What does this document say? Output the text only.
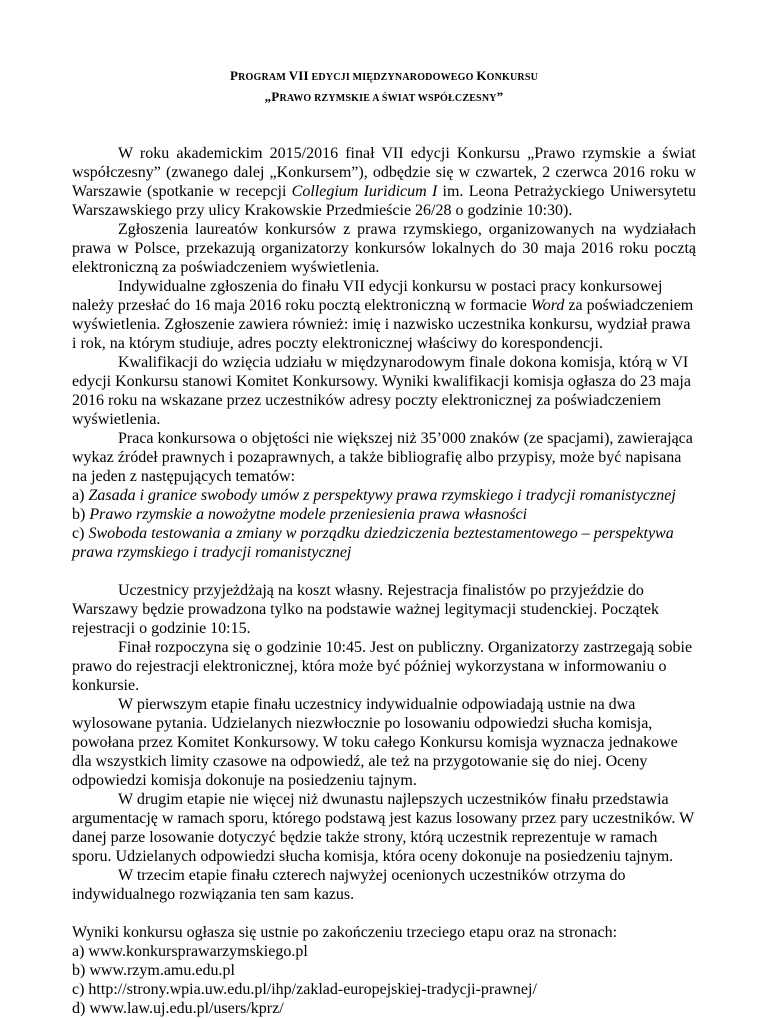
PROGRAM VII EDYCJI MIĘDZYNARODOWEGO KONKURSU
„PRAWO RZYMSKIE A ŚWIAT WSPÓŁCZESNY”

W roku akademickim 2015/2016 finał VII edycji Konkursu „Prawo rzymskie a świat współczesny” (zwanego dalej „Konkursem”), odbędzie się w czwartek, 2 czerwca 2016 roku w Warszawie (spotkanie w recepcji Collegium Iuridicum I im. Leona Petrażyckiego Uniwersytetu Warszawskiego przy ulicy Krakowskie Przedmieście 26/28 o godzinie 10:30).

Zgłoszenia laureatów konkursów z prawa rzymskiego, organizowanych na wydziałach prawa w Polsce, przekazują organizatorzy konkursów lokalnych do 30 maja 2016 roku pocztą elektroniczną za poświadczeniem wyświetlenia.

Indywidualne zgłoszenia do finału VII edycji konkursu w postaci pracy konkursowej należy przesłać do 16 maja 2016 roku pocztą elektroniczną w formacie Word za poświadczeniem wyświetlenia. Zgłoszenie zawiera również: imię i nazwisko uczestnika konkursu, wydział prawa i rok, na którym studiuje, adres poczty elektronicznej właściwy do korespondencji.

Kwalifikacji do wzięcia udziału w międzynarodowym finale dokona komisja, którą w VI edycji Konkursu stanowi Komitet Konkursowy. Wyniki kwalifikacji komisja ogłasza do 23 maja 2016 roku na wskazane przez uczestników adresy poczty elektronicznej za poświadczeniem wyświetlenia.

Praca konkursowa o objętości nie większej niż 35’000 znaków (ze spacjami), zawierająca wykaz źródeł prawnych i pozaprawnych, a także bibliografię albo przypisy, może być napisana na jeden z następujących tematów:

a) Zasada i granice swobody umów z perspektywy prawa rzymskiego i tradycji romanistycznej

b) Prawo rzymskie a nowożytne modele przeniesienia prawa własności

c) Swoboda testowania a zmiany w porządku dziedziczenia beztestamentowego – perspektywa prawa rzymskiego i tradycji romanistycznej

Uczestnicy przyjeżdżają na koszt własny. Rejestracja finalistów po przyjeździe do Warszawy będzie prowadzona tylko na podstawie ważnej legitymacji studenckiej. Początek rejestracji o godzinie 10:15.

Finał rozpoczyna się o godzinie 10:45. Jest on publiczny. Organizatorzy zastrzegają sobie prawo do rejestracji elektronicznej, która może być później wykorzystana w informowaniu o konkursie.

W pierwszym etapie finału uczestnicy indywidualnie odpowiadają ustnie na dwa wylosowane pytania. Udzielanych niezwłocznie po losowaniu odpowiedzi słucha komisja, powołana przez Komitet Konkursowy. W toku całego Konkursu komisja wyznacza jednakowe dla wszystkich limity czasowe na odpowiedź, ale też na przygotowanie się do niej. Oceny odpowiedzi komisja dokonuje na posiedzeniu tajnym.

W drugim etapie nie więcej niż dwunastu najlepszych uczestników finału przedstawia argumentację w ramach sporu, którego podstawą jest kazus losowany przez pary uczestników. W danej parze losowanie dotyczyć będzie także strony, którą uczestnik reprezentuje w ramach sporu. Udzielanych odpowiedzi słucha komisja, która oceny dokonuje na posiedzeniu tajnym.

W trzecim etapie finału czterech najwyżej ocenionych uczestników otrzyma do indywidualnego rozwiązania ten sam kazus.

Wyniki konkursu ogłasza się ustnie po zakończeniu trzeciego etapu oraz na stronach:

a) www.konkursprawarzymskiego.pl

b) www.rzym.amu.edu.pl

c) http://strony.wpia.uw.edu.pl/ihp/zaklad-europejskiej-tradycji-prawnej/

d) www.law.uj.edu.pl/users/kprz/
